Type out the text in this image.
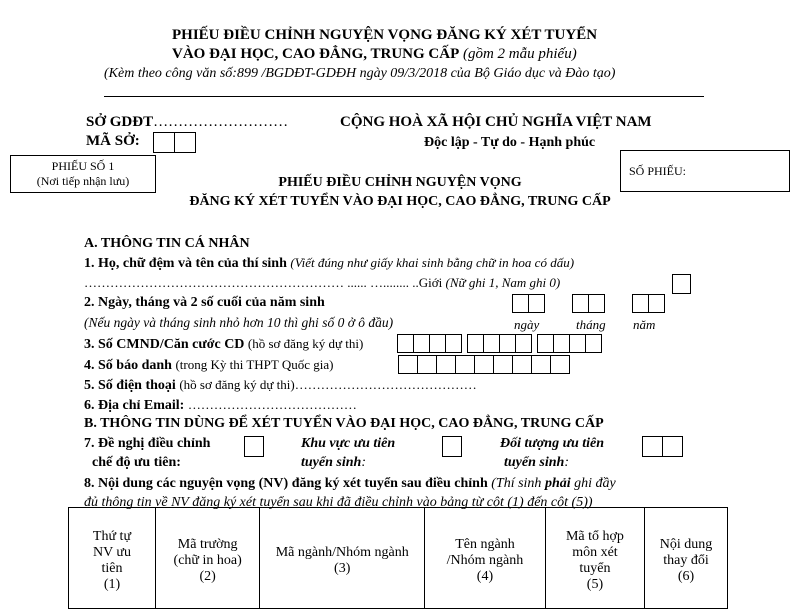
PHIẾU ĐIỀU CHỈNH NGUYỆN VỌNG ĐĂNG KÝ XÉT TUYỂN
VÀO ĐẠI HỌC, CAO ĐẲNG, TRUNG CẤP (gồm 2 mẫu phiếu)
(Kèm theo công văn số:899 /BGDĐT-GDĐH ngày 09/3/2018 của Bộ Giáo dục và Đào tạo)
SỞ GDĐT………………………
MÃ SỞ:
CỘNG HOÀ XÃ HỘI CHỦ NGHĨA VIỆT NAM
Độc lập - Tự do - Hạnh phúc
PHIẾU SỐ 1
(Nơi tiếp nhận lưu)
SỐ PHIẾU:
PHIẾU ĐIỀU CHỈNH NGUYỆN VỌNG
ĐĂNG KÝ XÉT TUYỂN VÀO ĐẠI HỌC, CAO ĐẲNG, TRUNG CẤP
A. THÔNG TIN CÁ NHÂN
1. Họ, chữ đệm và tên của thí sinh (Viết đúng như giấy khai sinh bằng chữ in hoa có dấu)
…………………………………………………… ...... …........ ..Giới (Nữ ghi 1, Nam ghi 0)
2. Ngày, tháng và 2 số cuối của năm sinh
(Nếu ngày và tháng sinh nhỏ hơn 10 thì ghi số 0 ở ô đầu)	ngày	tháng năm
3. Số CMND/Căn cước CD (hồ sơ đăng ký dự thi)
4. Số báo danh (trong Kỳ thi THPT Quốc gia)
5. Số điện thoại (hồ sơ đăng ký dự thi)……………………………………
6. Địa chỉ Email: …………………………………
B. THÔNG TIN DÙNG ĐỂ XÉT TUYỂN VÀO ĐẠI HỌC, CAO ĐẲNG, TRUNG CẤP
7. Đề nghị điều chỉnh
chế độ ưu tiên:
Khu vực ưu tiên
tuyển sinh:
Đối tượng ưu tiên
tuyển sinh:
8. Nội dung các nguyện vọng (NV) đăng ký xét tuyển sau điều chỉnh (Thí sinh phải ghi đầy
đủ thông tin về NV đăng ký xét tuyển sau khi đã điều chỉnh vào bảng từ cột (1) đến cột (5))
Thứ tự
NV ưu
tiên
(1)

Mã trường
(chữ in hoa)
(2)

Mã ngành/Nhóm ngành
(3)

Tên ngành
/Nhóm ngành
(4)

Mã tổ hợp
môn xét
tuyển
(5)

Nội dung
thay đổi
(6)
